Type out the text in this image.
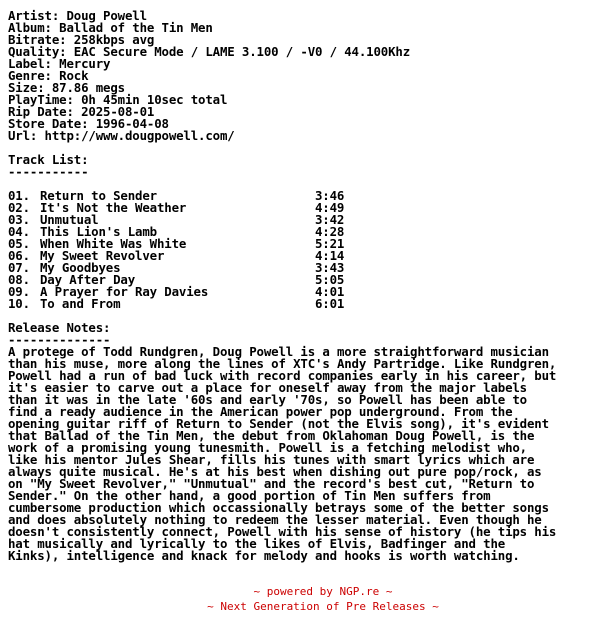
Artist: Doug Powell
Album: Ballad of the Tin Men
Bitrate: 258kbps avg
Quality: EAC Secure Mode / LAME 3.100 / -V0 / 44.100Khz
Label: Mercury
Genre: Rock
Size: 87.86 megs
PlayTime: 0h 45min 10sec total
Rip Date: 2025-08-01
Store Date: 1996-04-08
Url: http://www.dougpowell.com/
Track List:
-----------
01. Return to Sender	3:46
02. It's Not the Weather	4:49
03. Unmutual	3:42
04. This Lion's Lamb	4:28
05. When White Was White	5:21
06. My Sweet Revolver	4:14
07. My Goodbyes	3:43
08. Day After Day	5:05
09. A Prayer for Ray Davies	4:01
10. To and From	6:01
Release Notes:
--------------
A protege of Todd Rundgren, Doug Powell is a more straightforward musician
than his muse, more along the lines of XTC's Andy Partridge. Like Rundgren,
Powell had a run of bad luck with record companies early in his career, but
it's easier to carve out a place for oneself away from the major labels
than it was in the late '60s and early '70s, so Powell has been able to
find a ready audience in the American power pop underground. From the
opening guitar riff of Return to Sender (not the Elvis song), it's evident
that Ballad of the Tin Men, the debut from Oklahoman Doug Powell, is the
work of a promising young tunesmith. Powell is a fetching melodist who,
like his mentor Jules Shear, fills his tunes with smart lyrics which are
always quite musical. He's at his best when dishing out pure pop/rock, as
on "My Sweet Revolver," "Unmutual" and the record's best cut, "Return to
Sender." On the other hand, a good portion of Tin Men suffers from
cumbersome production which occassionally betrays some of the better songs
and does absolutely nothing to redeem the lesser material. Even though he
doesn't consistently connect, Powell with his sense of history (he tips his
hat musically and lyrically to the likes of Elvis, Badfinger and the
Kinks), intelligence and knack for melody and hooks is worth watching.
~ powered by NGP.re ~
~ Next Generation of Pre Releases ~
